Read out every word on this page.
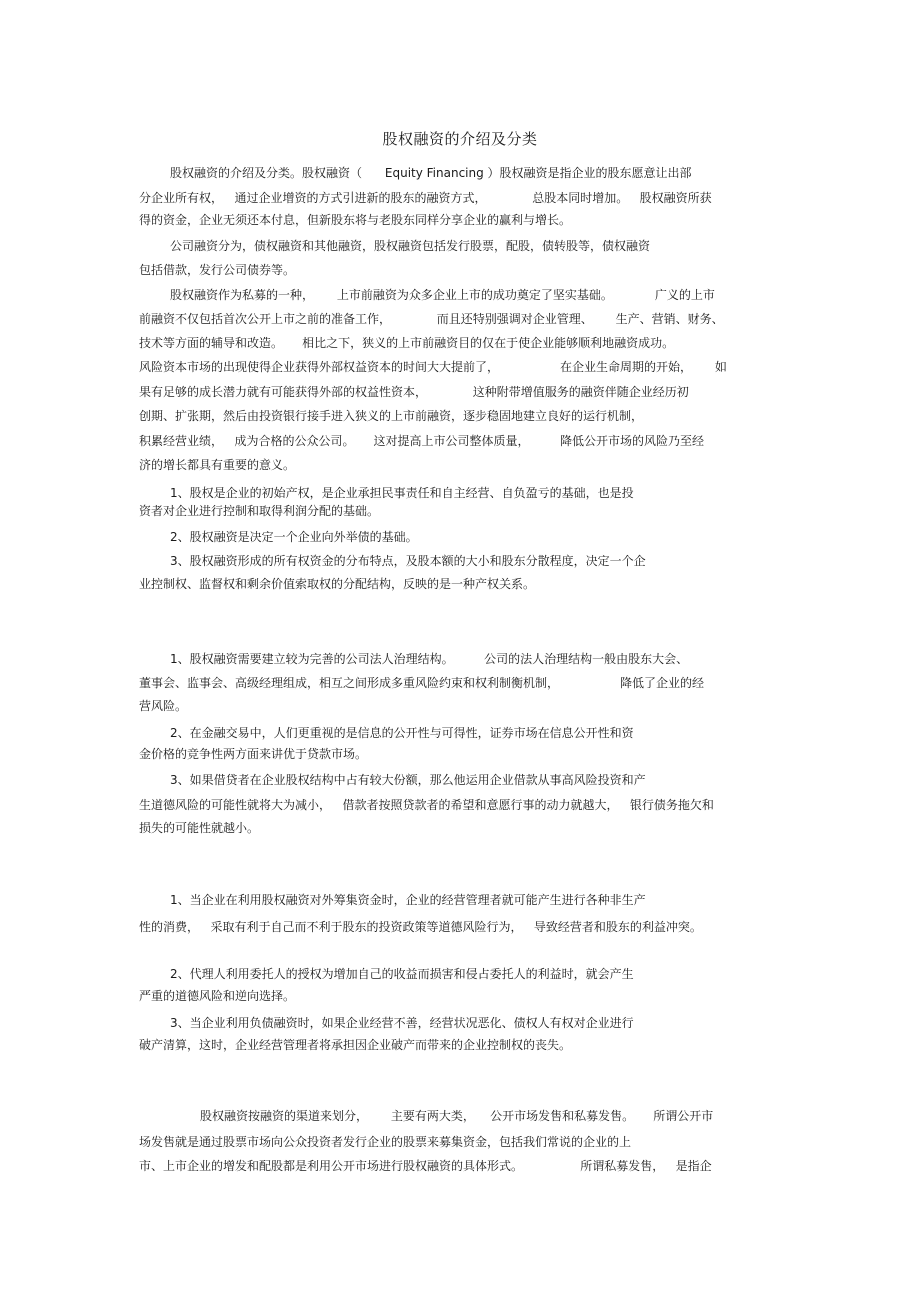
股权融资的介绍及分类

股权融资的介绍及分类。股权融资（      Equity Financing ）股权融资是指企业的股东愿意让出部

分企业所有权，   通过企业增资的方式引进新的股东的融资方式，            总股本同时增加。   股权融资所获

得的资金，企业无须还本付息，但新股东将与老股东同样分享企业的赢利与增长。

公司融资分为，债权融资和其他融资，股权融资包括发行股票，配股，债转股等，债权融资

包括借款，发行公司债券等。

股权融资作为私募的一种，      上市前融资为众多企业上市的成功奠定了坚实基础。           广义的上市

前融资不仅包括首次公开上市之前的准备工作，            而且还特别强调对企业管理、      生产、营销、财务、

技术等方面的辅导和改造。     相比之下，狭义的上市前融资目的仅在于使企业能够顺利地融资成功。

风险资本市场的出现使得企业获得外部权益资本的时间大大提前了，                在企业生命周期的开始，      如

果有足够的成长潜力就有可能获得外部的权益性资本，            这种附带增值服务的融资伴随企业经历初

创期、扩张期，然后由投资银行接手进入狭义的上市前融资，逐步稳固地建立良好的运行机制，

积累经营业绩，   成为合格的公众公司。     这对提高上市公司整体质量，        降低公开市场的风险乃至经

济的增长都具有重要的意义。

1、股权是企业的初始产权，是企业承担民事责任和自主经营、自负盈亏的基础，也是投

资者对企业进行控制和取得利润分配的基础。

2、股权融资是决定一个企业向外举债的基础。

3、股权融资形成的所有权资金的分布特点，及股本额的大小和股东分散程度，决定一个企

业控制权、监督权和剩余价值索取权的分配结构，反映的是一种产权关系。

1、股权融资需要建立较为完善的公司法人治理结构。        公司的法人治理结构一般由股东大会、

董事会、监事会、高级经理组成，相互之间形成多重风险约束和权利制衡机制，                降低了企业的经

营风险。

2、在金融交易中，人们更重视的是信息的公开性与可得性，证券市场在信息公开性和资

金价格的竞争性两方面来讲优于贷款市场。

3、如果借贷者在企业股权结构中占有较大份额，那么他运用企业借款从事高风险投资和产

生道德风险的可能性就将大为减小，   借款者按照贷款者的希望和意愿行事的动力就越大，   银行债务拖欠和

损失的可能性就越小。

1、当企业在利用股权融资对外筹集资金时，企业的经营管理者就可能产生进行各种非生产

性的消费，   采取有利于自己而不利于股东的投资政策等道德风险行为，   导致经营者和股东的利益冲突。

2、代理人利用委托人的授权为增加自己的收益而损害和侵占委托人的利益时，就会产生

严重的道德风险和逆向选择。

3、当企业利用负债融资时，如果企业经营不善，经营状况恶化、债权人有权对企业进行

破产清算，这时，企业经营管理者将承担因企业破产而带来的企业控制权的丧失。

股权融资按融资的渠道来划分，      主要有两大类，    公开市场发售和私募发售。     所谓公开市

场发售就是通过股票市场向公众投资者发行企业的股票来募集资金，包括我们常说的企业的上

市、上市企业的增发和配股都是利用公开市场进行股权融资的具体形式。               所谓私募发售，   是指企
